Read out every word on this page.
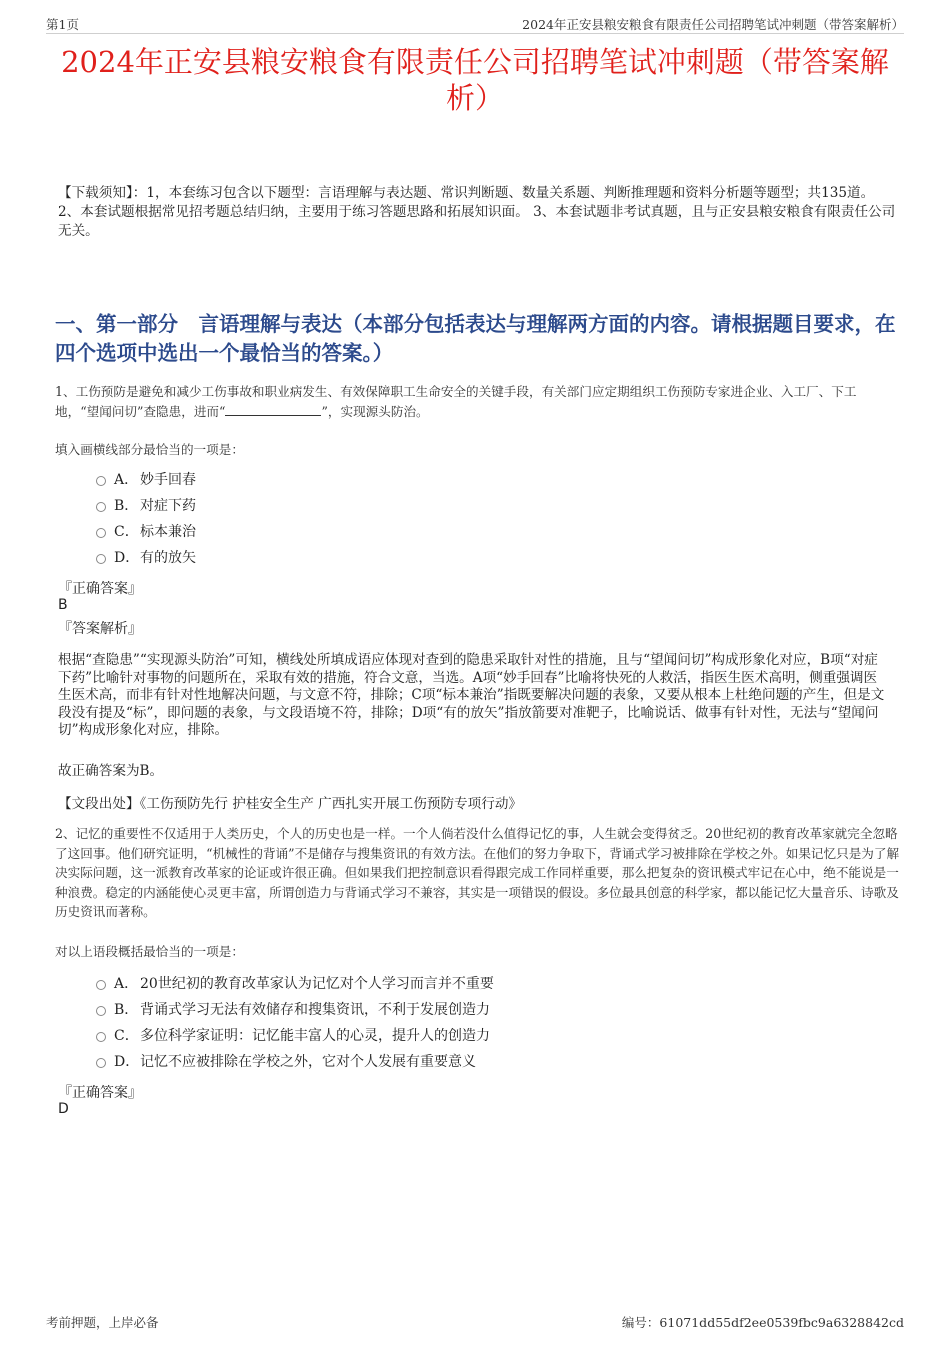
第1页	2024年正安县粮安粮食有限责任公司招聘笔试冲刺题（带答案解析）
2024年正安县粮安粮食有限责任公司招聘笔试冲刺题（带答案解析）

【下载须知】：1，本套练习包含以下题型：言语理解与表达题、常识判断题、数量关系题、判断推理题和资料分析题等题型；共135道。 2、本套试题根据常见招考题总结归纳，主要用于练习答题思路和拓展知识面。 3、本套试题非考试真题，且与正安县粮安粮食有限责任公司无关。

一、第一部分　言语理解与表达（本部分包括表达与理解两方面的内容。请根据题目要求，在四个选项中选出一个最恰当的答案。）

1、工伤预防是避免和减少工伤事故和职业病发生、有效保障职工生命安全的关键手段，有关部门应定期组织工伤预防专家进企业、入工厂、下工地，“望闻问切”查隐患，进而“	”，实现源头防治。

填入画横线部分最恰当的一项是：

A． 妙手回春
B． 对症下药
C．标本兼治
D．有的放矢

『正确答案』

B

『答案解析』

根据“查隐患”“实现源头防治”可知，横线处所填成语应体现对查到的隐患采取针对性的措施，且与“望闻问切”构成形象化对应，B项“对症下药”比喻针对事物的问题所在，采取有效的措施，符合文意，当选。A项“妙手回春”比喻将快死的人救活，指医生医术高明，侧重强调医生医术高，而非有针对性地解决问题，与文意不符，排除；C项“标本兼治”指既要解决问题的表象，又要从根本上杜绝问题的产生，但是文段没有提及“标”，即问题的表象，与文段语境不符，排除；D项“有的放矢”指放箭要对准靶子，比喻说话、做事有针对性，无法与“望闻问切”构成形象化对应，排除。

故正确答案为B。

【文段出处】《工伤预防先行 护桂安全生产 广西扎实开展工伤预防专项行动》

2、记忆的重要性不仅适用于人类历史，个人的历史也是一样。一个人倘若没什么值得记忆的事，人生就会变得贫乏。20世纪初的教育改革家就完全忽略了这回事。他们研究证明，“机械性的背诵”不是储存与搜集资讯的有效方法。在他们的努力争取下，背诵式学习被排除在学校之外。如果记忆只是为了解决实际问题，这一派教育改革家的论证或许很正确。但如果我们把控制意识看得跟完成工作同样重要，那么把复杂的资讯模式牢记在心中，绝不能说是一种浪费。稳定的内涵能使心灵更丰富，所谓创造力与背诵式学习不兼容，其实是一项错误的假设。多位最具创意的科学家，都以能记忆大量音乐、诗歌及历史资讯而著称。

对以上语段概括最恰当的一项是：

A． 20世纪初的教育改革家认为记忆对个人学习而言并不重要
B． 背诵式学习无法有效储存和搜集资讯，不利于发展创造力
C．多位科学家证明：记忆能丰富人的心灵，提升人的创造力
D．记忆不应被排除在学校之外，它对个人发展有重要意义

『正确答案』

D

考前押题，上岸必备	编号：61071dd55df2ee0539fbc9a6328842cd
